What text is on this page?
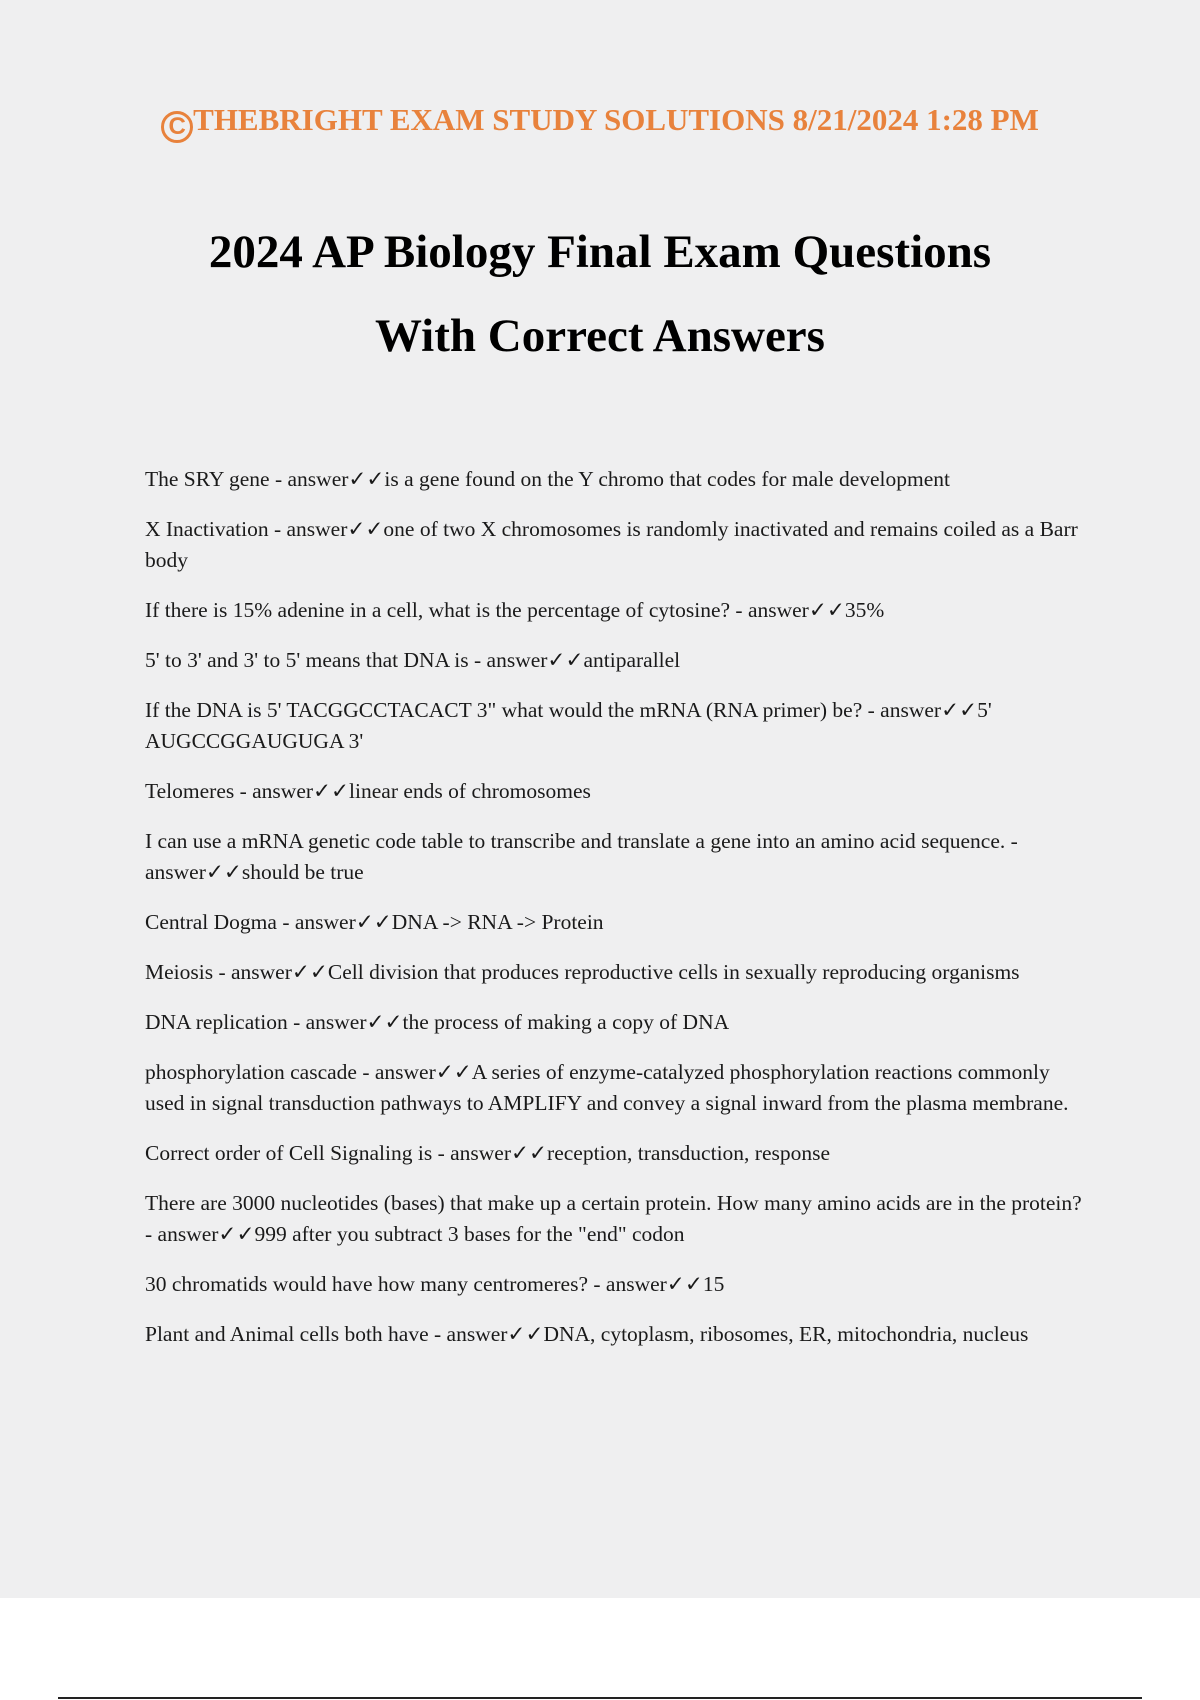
C THEBRIGHT EXAM STUDY SOLUTIONS 8/21/2024 1:28 PM
2024 AP Biology Final Exam Questions
With Correct Answers

The SRY gene - answer✓✓is a gene found on the Y chromo that codes for male development

X Inactivation - answer✓✓one of two X chromosomes is randomly inactivated and remains coiled as a Barr body

If there is 15% adenine in a cell, what is the percentage of cytosine? - answer✓✓35%

5' to 3' and 3' to 5' means that DNA is - answer✓✓antiparallel

If the DNA is 5' TACGGCCTACACT 3" what would the mRNA (RNA primer) be? - answer✓✓5' AUGCCGGAUGUGA 3'

Telomeres - answer✓✓linear ends of chromosomes

I can use a mRNA genetic code table to transcribe and translate a gene into an amino acid sequence. - answer✓✓should be true

Central Dogma - answer✓✓DNA -> RNA -> Protein

Meiosis - answer✓✓Cell division that produces reproductive cells in sexually reproducing organisms

DNA replication - answer✓✓the process of making a copy of DNA

phosphorylation cascade - answer✓✓A series of enzyme-catalyzed phosphorylation reactions commonly used in signal transduction pathways to AMPLIFY and convey a signal inward from the plasma membrane.

Correct order of Cell Signaling is - answer✓✓reception, transduction, response

There are 3000 nucleotides (bases) that make up a certain protein. How many amino acids are in the protein? - answer✓✓999 after you subtract 3 bases for the "end" codon

30 chromatids would have how many centromeres? - answer✓✓15

Plant and Animal cells both have - answer✓✓DNA, cytoplasm, ribosomes, ER, mitochondria, nucleus
